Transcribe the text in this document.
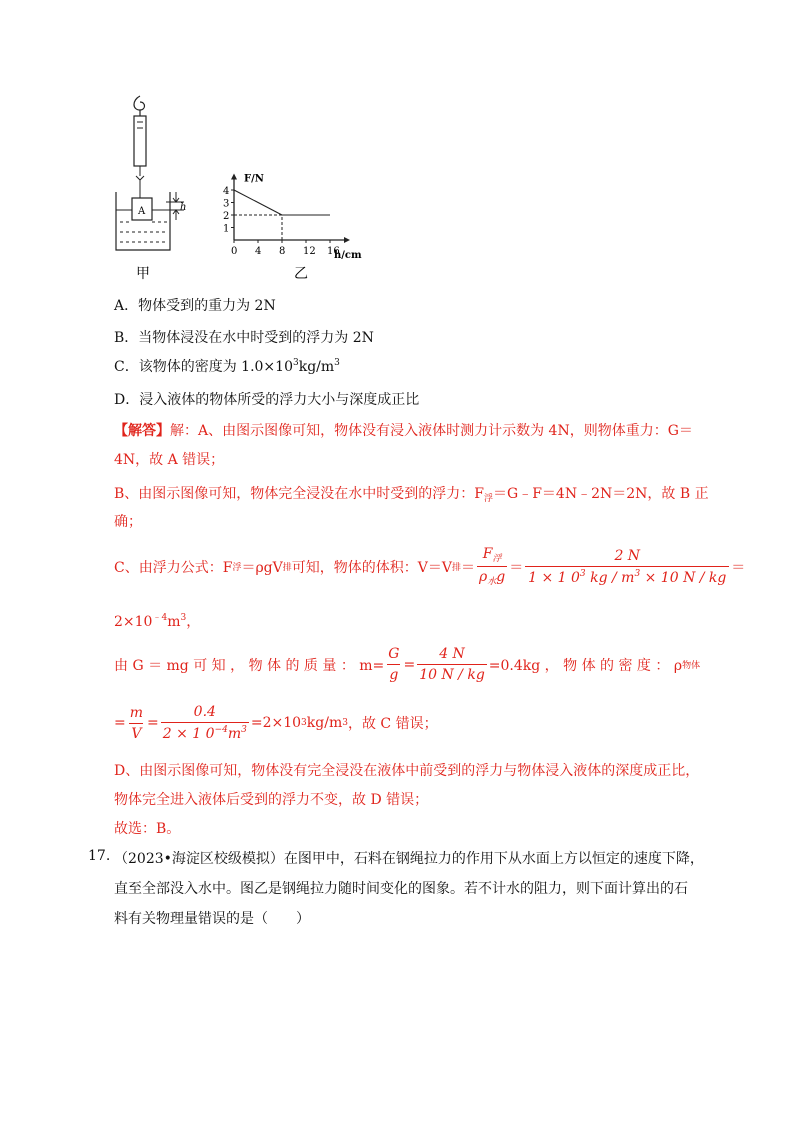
A	h
甲
F/N
h/cm
1
2
3
4
0 4 8 12 16
乙
A．物体受到的重力为 2N
B．当物体浸没在水中时受到的浮力为 2N
C．该物体的密度为 $1.0\times 10^3kg/m^3$
D．浸入液体的物体所受的浮力大小与深度成正比
【解答】解：A、由图示图像可知，物体没有浸入液体时测力计示数为 4N，则物体重力：G＝
4N，故 A 错误；
B、由图示图像可知，物体完全浸没在水中时受到的浮力：$F_浮=G﹣F=4N﹣2N=2N$，故 B 正
确；
C、由浮力公式：F 浮 ＝ρgV 排 可知，物体的体积：V＝V 排 ＝ $\frac{F_浮}{\rho_水g} = \frac{2 N}{1 \times 1 0^3 kg / m^3 \times 10 N / kg}$ ＝
$2\times 10^{﹣4}m^3$，
由 G ＝ mg 可 知 ， 物 体 的 质 量 ： $m= \frac{G}{g} = \frac{4 N}{10 N / kg} =0.4kg$ ， 物 体 的 密 度 ： ρ 物体
= $\frac{m}{V} = \frac{0.4}{2 \times 1 0^{-4}m^3} =2\times 10$ 3 kg/m 3 ，故 C 错误；
D、由图示图像可知，物体没有完全浸没在液体中前受到的浮力与物体浸入液体的深度成正比，
物体完全进入液体后受到的浮力不变，故 D 错误；
故选：B。
17. （2023•海淀区校级模拟）在图甲中，石料在钢绳拉力的作用下从水面上方以恒定的速度下降，
直至全部没入水中。图乙是钢绳拉力随时间变化的图象。若不计水的阻力，则下面计算出的石
料有关物理量错误的是（　　）
